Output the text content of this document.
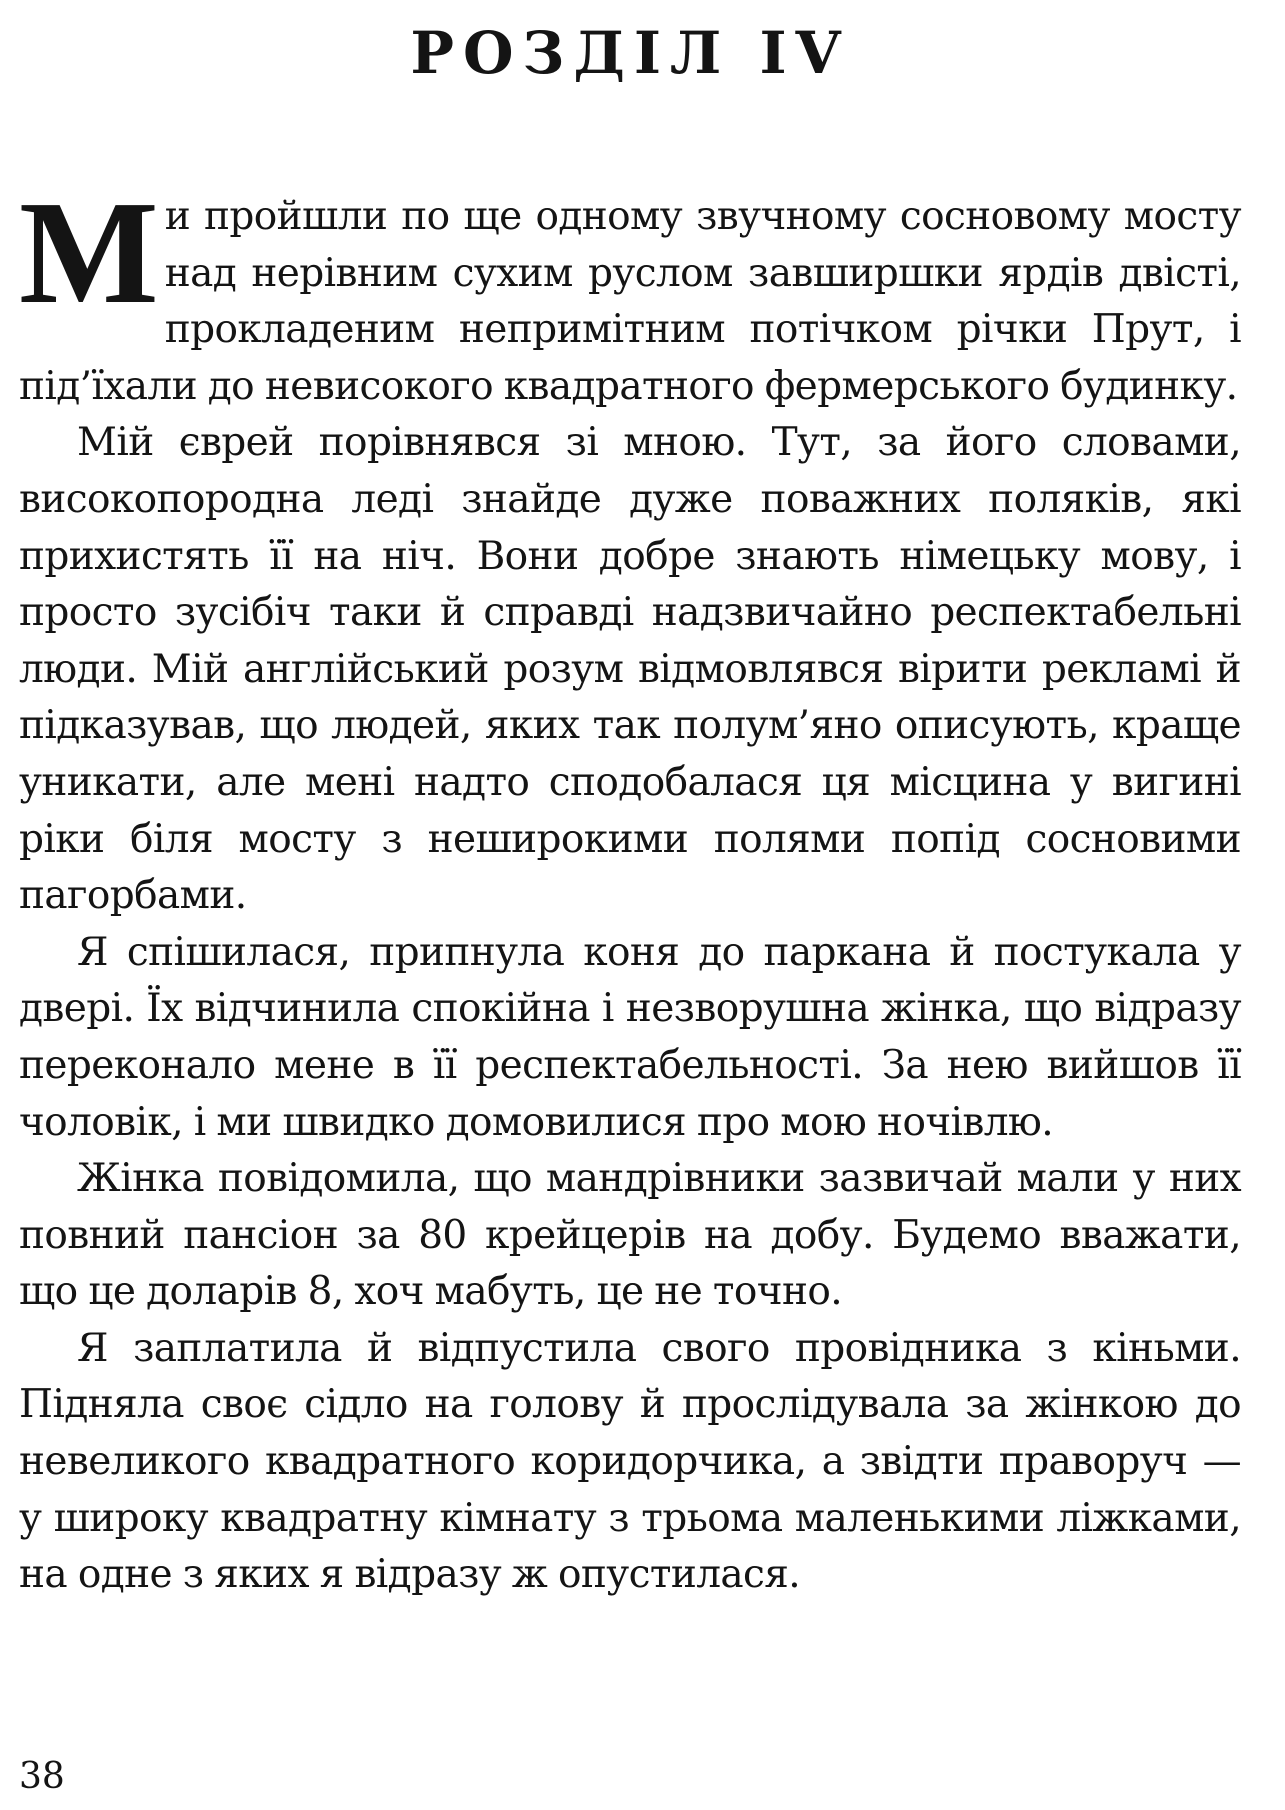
РОЗДІЛ IV

Ми пройшли по ще одному звучному сосновому мосту над нерівним сухим руслом завширшки ярдів двісті, прокладеним непримітним потічком річки Прут, і під’їхали до невисокого квадратного фермерського будинку.

Мій єврей порівнявся зі мною. Тут, за його словами, високопородна леді знайде дуже поважних поляків, які прихистять її на ніч. Вони добре знають німецьку мову, і просто зусібіч таки й справді надзвичайно респектабельні люди. Мій англійський розум відмовлявся вірити рекламі й підказував, що людей, яких так полум’яно описують, краще уникати, але мені надто сподобалася ця місцина у вигині ріки біля мосту з неширокими полями попід сосновими пагорбами.

Я спішилася, припнула коня до паркана й постукала у двері. Їх відчинила спокійна і незворушна жінка, що відразу переконало мене в її респектабельності. За нею вийшов її чоловік, і ми швидко домовилися про мою ночівлю.

Жінка повідомила, що мандрівники зазвичай мали у них повний пансіон за 80 крейцерів на добу. Будемо вважати, що це доларів 8, хоч мабуть, це не точно.

Я заплатила й відпустила свого провідника з кіньми. Підняла своє сідло на голову й прослідувала за жінкою до невеликого квадратного коридорчика, а звідти праворуч — у широку квадратну кімнату з трьома маленькими ліжками, на одне з яких я відразу ж опустилася.

38
